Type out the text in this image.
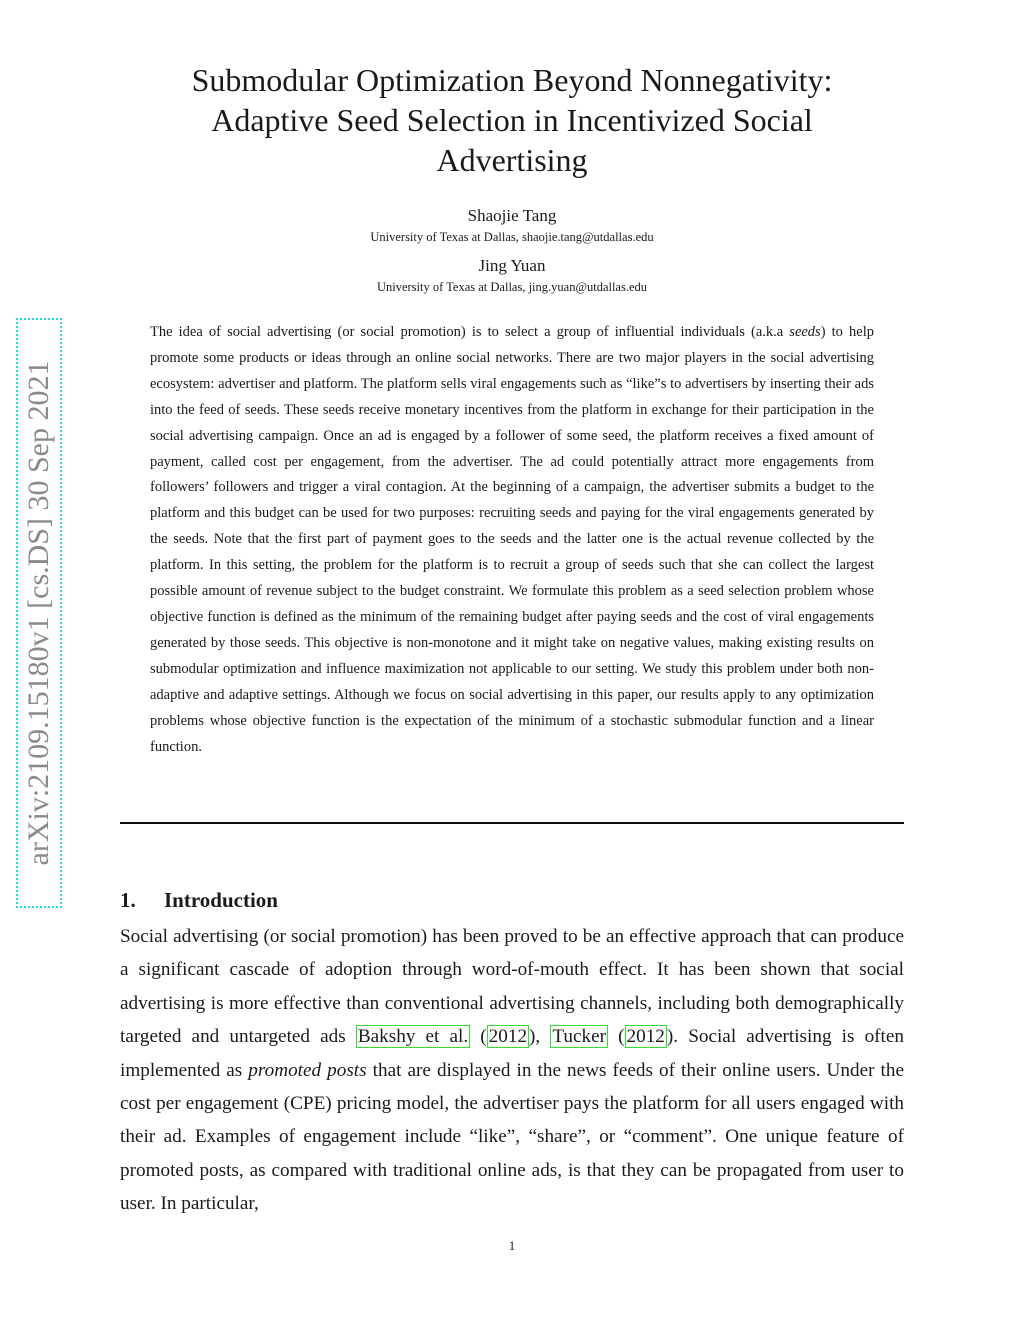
Submodular Optimization Beyond Nonnegativity:
Adaptive Seed Selection in Incentivized Social
Advertising
Shaojie Tang
University of Texas at Dallas, shaojie.tang@utdallas.edu
Jing Yuan
University of Texas at Dallas, jing.yuan@utdallas.edu

The idea of social advertising (or social promotion) is to select a group of influential individuals (a.k.a seeds) to help promote some products or ideas through an online social networks. There are two major players in the social advertising ecosystem: advertiser and platform. The platform sells viral engagements such as “like”s to advertisers by inserting their ads into the feed of seeds. These seeds receive monetary incentives from the platform in exchange for their participation in the social advertising campaign. Once an ad is engaged by a follower of some seed, the platform receives a fixed amount of payment, called cost per engagement, from the advertiser. The ad could potentially attract more engagements from followers’ followers and trigger a viral contagion. At the beginning of a campaign, the advertiser submits a budget to the platform and this budget can be used for two purposes: recruiting seeds and paying for the viral engagements generated by the seeds. Note that the first part of payment goes to the seeds and the latter one is the actual revenue collected by the platform. In this setting, the problem for the platform is to recruit a group of seeds such that she can collect the largest possible amount of revenue subject to the budget constraint. We formulate this problem as a seed selection problem whose objective function is defined as the minimum of the remaining budget after paying seeds and the cost of viral engagements generated by those seeds. This objective is non-monotone and it might take on negative values, making existing results on submodular optimization and influence maximization not applicable to our setting. We study this problem under both non-adaptive and adaptive settings. Although we focus on social advertising in this paper, our results apply to any optimization problems whose objective function is the expectation of the minimum of a stochastic submodular function and a linear function.

1. Introduction

Social advertising (or social promotion) has been proved to be an effective approach that can produce a significant cascade of adoption through word-of-mouth effect. It has been shown that social advertising is more effective than conventional advertising channels, including both demographically targeted and untargeted ads Bakshy et al. ( 2012 ), Tucker ( 2012 ). Social advertising is often implemented as promoted posts that are displayed in the news feeds of their online users. Under the cost per engagement (CPE) pricing model, the advertiser pays the platform for all users engaged with their ad. Examples of engagement include “like”, “share”, or “comment”. One unique feature of promoted posts, as compared with traditional online ads, is that they can be propagated from user to user. In particular,

1
arXiv:2109.15180v1 [cs.DS] 30 Sep 2021
